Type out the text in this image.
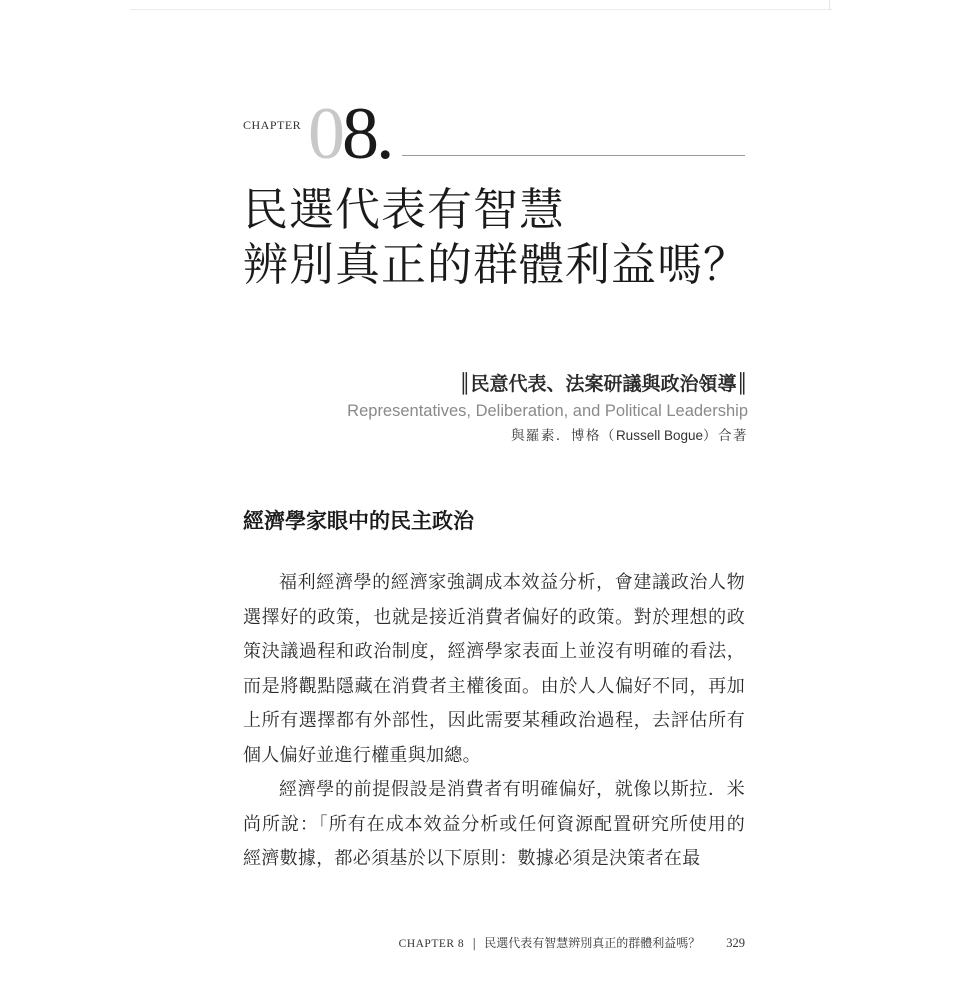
CHAPTER 08.
民選代表有智慧
辨別真正的群體利益嗎？
║民意代表、法案研議與政治領導║
Representatives, Deliberation, and Political Leadership
與羅素．博格（Russell Bogue）合著
經濟學家眼中的民主政治

福利經濟學的經濟家強調成本效益分析，會建議政治人物選擇好的政策，也就是接近消費者偏好的政策。對於理想的政策決議過程和政治制度，經濟學家表面上並沒有明確的看法，而是將觀點隱藏在消費者主權後面。由於人人偏好不同，再加上所有選擇都有外部性，因此需要某種政治過程，去評估所有個人偏好並進行權重與加總。

經濟學的前提假設是消費者有明確偏好，就像以斯拉．米尚所說：「所有在成本效益分析或任何資源配置研究所使用的經濟數據，都必須基於以下原則：數據必須是決策者在最

CHAPTER 8 | 民選代表有智慧辨別真正的群體利益嗎？ 329
